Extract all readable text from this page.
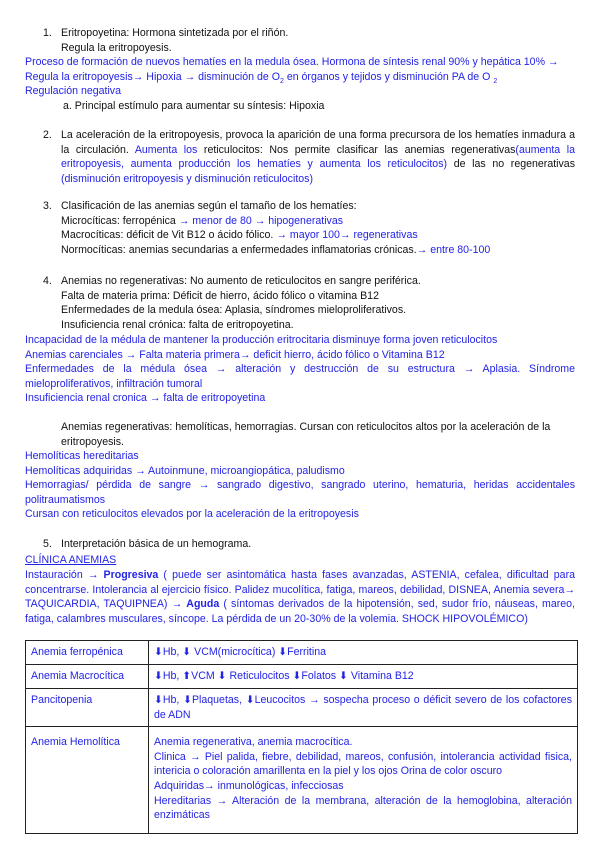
1. Eritropoyetina: Hormona sintetizada por el riñón.
Regula la eritropoyesis.
Proceso de formación de nuevos hematíes en la medula ósea. Hormona de síntesis renal 90% y hepática 10% → Regula la eritropoyesis→ Hipoxia → disminución de $O_2$ en órganos y tejidos y disminución PA de O $_2$
Regulación negativa
a. Principal estímulo para aumentar su síntesis: Hipoxia
2. La aceleración de la eritropoyesis, provoca la aparición de una forma precursora de los hematíes inmadura a la circulación. Aumenta los reticulocitos: Nos permite clasificar las anemias regenerativas(aumenta la eritropoyesis, aumenta producción los hematíes y aumenta los reticulocitos) de las no regenerativas (disminución eritropoyesis y disminución reticulocitos)
3. Clasificación de las anemias según el tamaño de los hematíes:
Microcíticas: ferropénica → menor de 80 → hipogenerativas
Macrocíticas: déficit de Vit B12 o ácido fólico. → mayor 100→ regenerativas
Normocíticas: anemias secundarias a enfermedades inflamatorias crónicas.→ entre 80-100
4. Anemias no regenerativas: No aumento de reticulocitos en sangre periférica.
Falta de materia prima: Déficit de hierro, ácido fólico o vitamina B12
Enfermedades de la medula ósea: Aplasia, síndromes mieloproliferativos.
Insuficiencia renal crónica: falta de eritropoyetina.
Incapacidad de la médula de mantener la producción eritrocitaria disminuye forma joven reticulocitos
Anemias carenciales → Falta materia primera→ deficit hierro, ácido fólico o Vitamina B12
Enfermedades de la médula ósea → alteración y destrucción de su estructura → Aplasia. Síndrome mieloproliferativos, infiltración tumoral
Insuficiencia renal cronica → falta de eritropoyetina
Anemias regenerativas: hemolíticas, hemorragias. Cursan con reticulocitos altos por la aceleración de la eritropoyesis.
Hemolíticas hereditarias
Hemolíticas adquiridas → Autoinmune, microangiopática, paludismo
Hemorragias/ pérdida de sangre → sangrado digestivo, sangrado uterino, hematuria, heridas accidentales politraumatismos
Cursan con reticulocitos elevados por la aceleración de la eritropoyesis
5. Interpretación básica de un hemograma.
CLÍNICA ANEMIAS
Instauración → Progresiva ( puede ser asintomática hasta fases avanzadas, ASTENIA, cefalea, dificultad para concentrarse. Intolerancia al ejercicio físico. Palidez mucolítica, fatiga, mareos, debilidad, DISNEA, Anemia severa→ TAQUICARDIA, TAQUIPNEA) → Aguda ( síntomas derivados de la hipotensión, sed, sudor frío, náuseas, mareo, fatiga, calambres musculares, síncope. La pérdida de un 20-30% de la volemia. SHOCK HIPOVOLÉMICO)
Anemia ferropénica	⬇Hb, ⬇ VCM(microcítica) ⬇Ferritina

Anemia Macrocítica	⬇Hb, ⬆VCM ⬇ Reticulocitos ⬇Folatos ⬇ Vitamina B12

Pancitopenia	⬇Hb, ⬇Plaquetas, ⬇Leucocitos → sospecha proceso o déficit severo de los cofactores de ADN

Anemia Hemolítica	Anemia regenerativa, anemia macrocítica.
Clinica → Piel palida, fiebre, debilidad, mareos, confusión, intolerancia actividad fisica, intericia o coloración amarillenta en la piel y los ojos Orina de color oscuro
Adquiridas→ inmunológicas, infecciosas
Hereditarias → Alteración de la membrana, alteración de la hemoglobina, alteración enzimáticas
